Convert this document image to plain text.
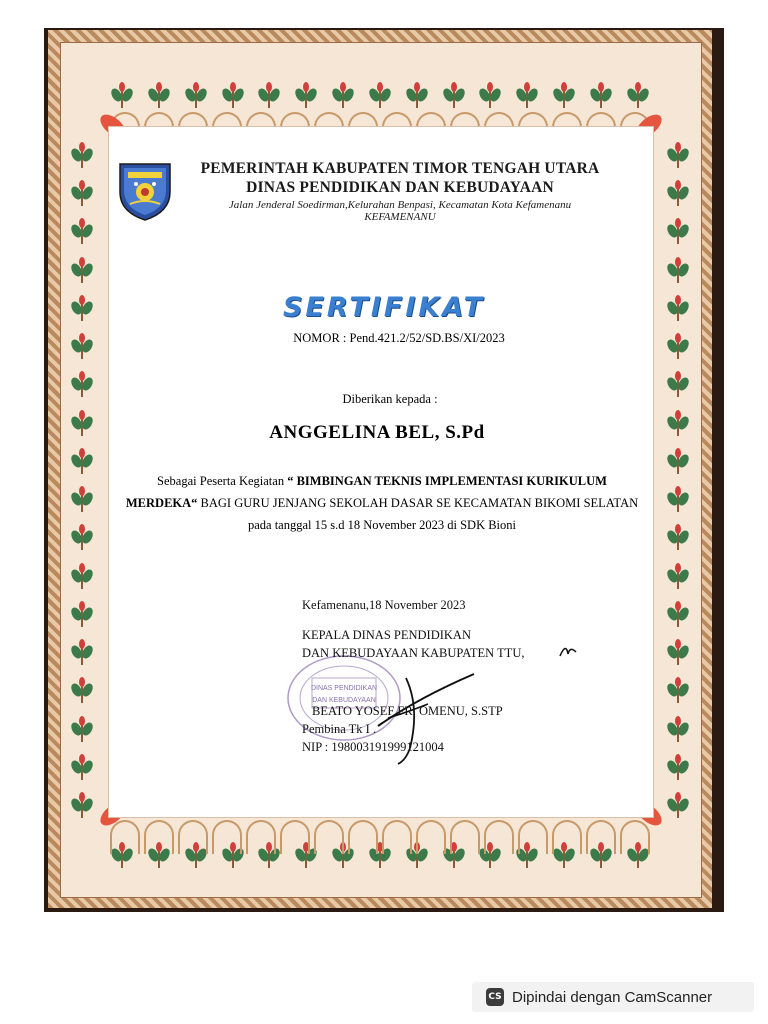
PEMERINTAH KABUPATEN TIMOR TENGAH UTARA
DINAS PENDIDIKAN DAN KEBUDAYAAN
Jalan Jenderal Soedirman,Kelurahan Benpasi, Kecamatan Kota Kefamenanu
KEFAMENANU
SERTIFIKAT
NOMOR : Pend.421.2/52/SD.BS/XI/2023
Diberikan kepada :
ANGGELINA BEL, S.Pd
Sebagai Peserta Kegiatan “ BIMBINGAN TEKNIS IMPLEMENTASI KURIKULUM MERDEKA“ BAGI GURU JENJANG SEKOLAH DASAR SE KECAMATAN BIKOMI SELATAN pada tanggal 15 s.d 18 November 2023 di SDK Bioni
DINAS PENDIDIKAN
DAN KEBUDAYAAN
Kefamenanu,18 November 2023
KEPALA DINAS PENDIDIKAN
DAN KEBUDAYAAN KABUPATEN TTU,
BEATO YOSEF FR. OMENU, S.STP
Pembina Tk I .
NIP : 198003191999121004
CS Dipindai dengan CamScanner
